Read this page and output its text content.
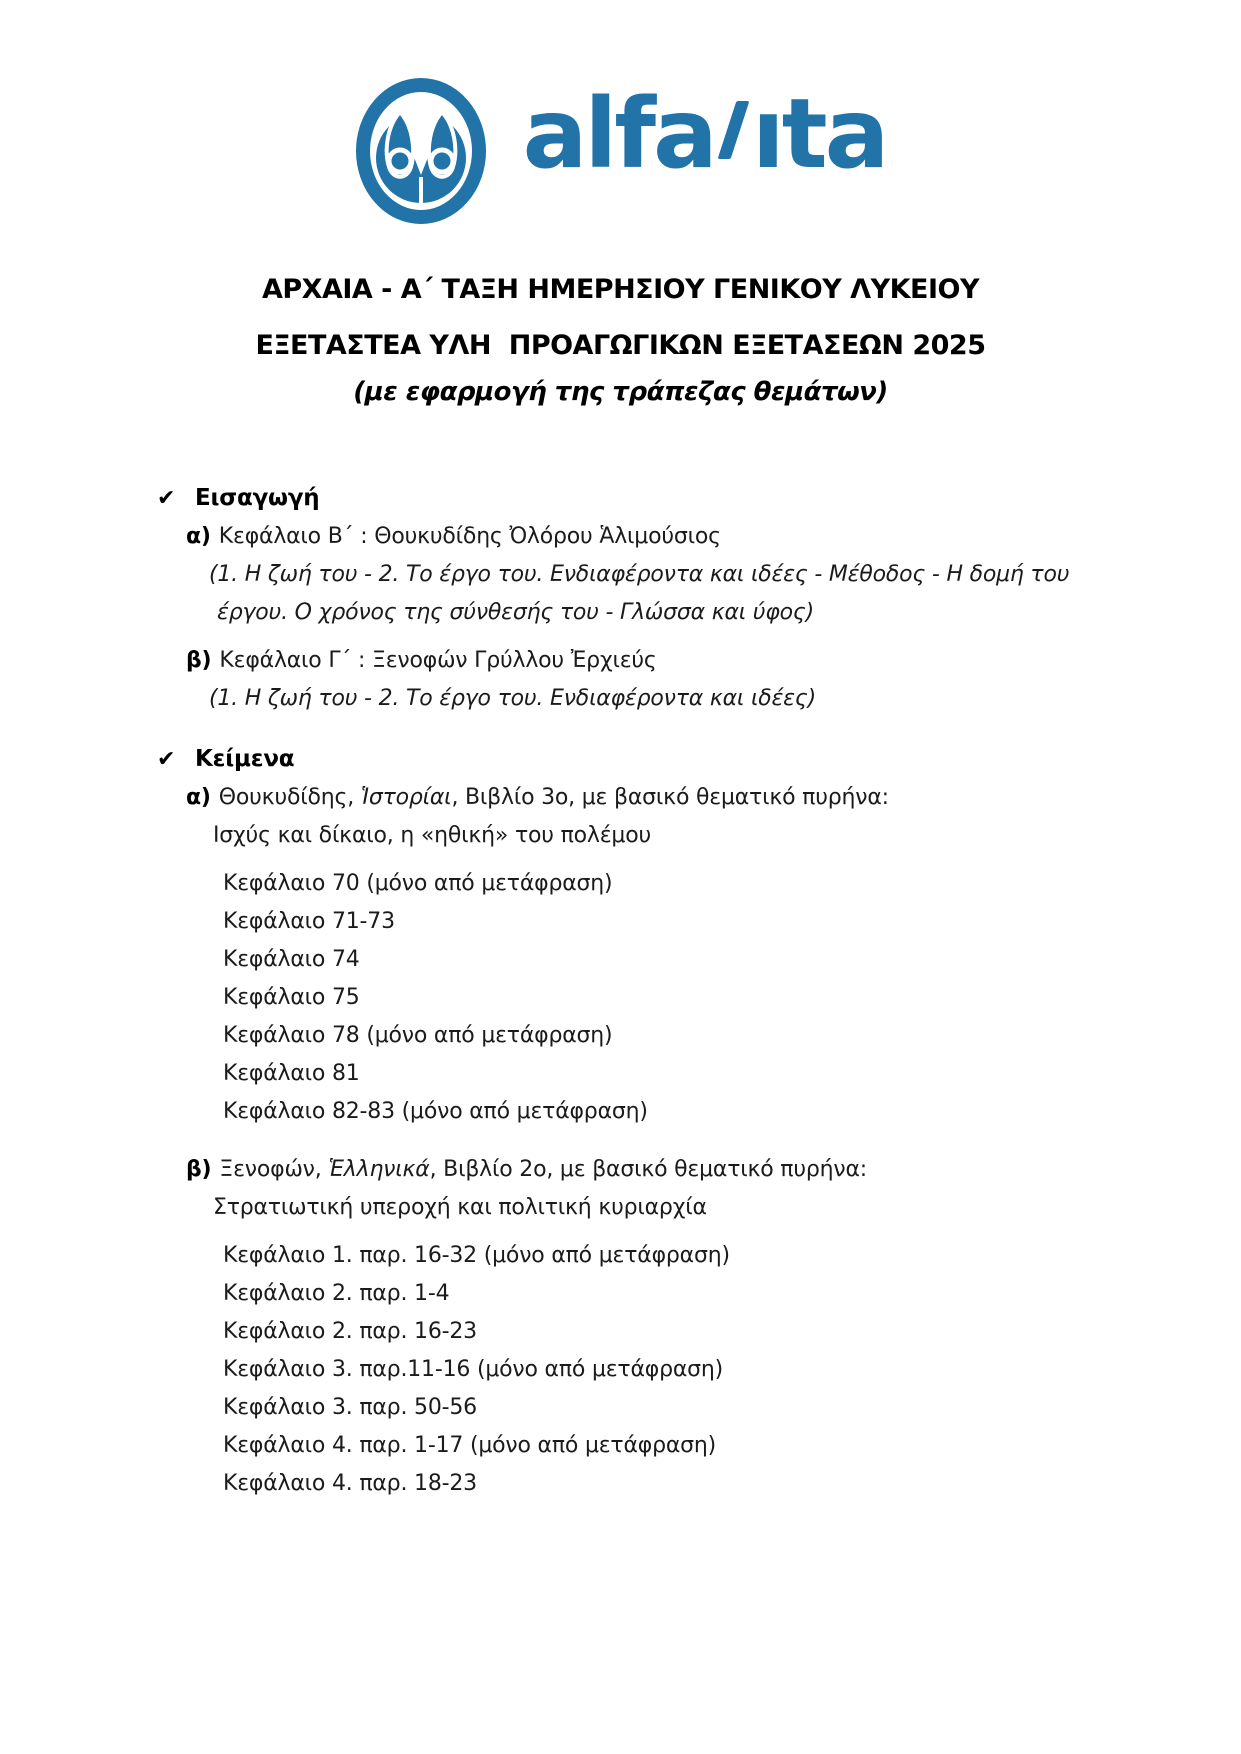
alfa ıta
ΑΡΧΑΙΑ - Α΄ ΤΑΞΗ ΗΜΕΡΗΣΙΟΥ ΓΕΝΙΚΟΥ ΛΥΚΕΙΟΥ
ΕΞΕΤΑΣΤΕΑ ΥΛΗ  ΠΡΟΑΓΩΓΙΚΩΝ ΕΞΕΤΑΣΕΩΝ 2025
(με εφαρμογή της τράπεζας θεμάτων)
✔ Εισαγωγή
α) Κεφάλαιο Β΄ : Θουκυδίδης Ὀλόρου Ἁλιμούσιος
(1. Η ζωή του - 2. Το έργο του. Ενδιαφέροντα και ιδέες - Μέθοδος - Η δομή του
έργου. Ο χρόνος της σύνθεσής του - Γλώσσα και ύφος)
β) Κεφάλαιο Γ΄ : Ξενοφών Γρύλλου Ἐρχιεύς
(1. Η ζωή του - 2. Το έργο του. Ενδιαφέροντα και ιδέες)
✔ Κείμενα
α) Θουκυδίδης, Ἱστορίαι, Βιβλίο 3ο, με βασικό θεματικό πυρήνα:
Ισχύς και δίκαιο, η «ηθική» του πολέμου
Κεφάλαιο 70 (μόνο από μετάφραση)
Κεφάλαιο 71-73
Κεφάλαιο 74
Κεφάλαιο 75
Κεφάλαιο 78 (μόνο από μετάφραση)
Κεφάλαιο 81
Κεφάλαιο 82-83 (μόνο από μετάφραση)
β) Ξενοφών, Ἑλληνικά, Βιβλίο 2ο, με βασικό θεματικό πυρήνα:
Στρατιωτική υπεροχή και πολιτική κυριαρχία
Κεφάλαιο 1. παρ. 16-32 (μόνο από μετάφραση)
Κεφάλαιο 2. παρ. 1-4
Κεφάλαιο 2. παρ. 16-23
Κεφάλαιο 3. παρ.11-16 (μόνο από μετάφραση)
Κεφάλαιο 3. παρ. 50-56
Κεφάλαιο 4. παρ. 1-17 (μόνο από μετάφραση)
Κεφάλαιο 4. παρ. 18-23
